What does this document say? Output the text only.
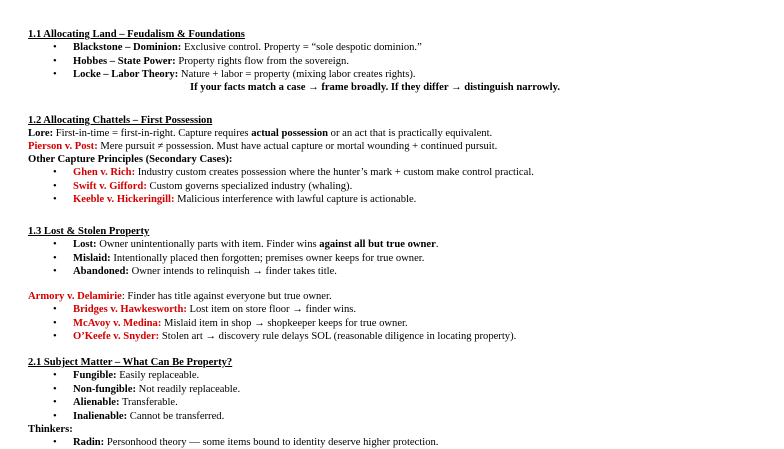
1.1 Allocating Land – Feudalism & Foundations
• Blackstone – Dominion: Exclusive control. Property = “sole despotic dominion.”
• Hobbes – State Power: Property rights flow from the sovereign.
• Locke – Labor Theory: Nature + labor = property (mixing labor creates rights).
If your facts match a case → frame broadly. If they differ → distinguish narrowly.
1.2 Allocating Chattels – First Possession
Lore: First-in-time = first-in-right. Capture requires actual possession or an act that is practically equivalent.
Pierson v. Post: Mere pursuit ≠ possession. Must have actual capture or mortal wounding + continued pursuit.
Other Capture Principles (Secondary Cases):
• Ghen v. Rich: Industry custom creates possession where the hunter’s mark + custom make control practical.
• Swift v. Gifford: Custom governs specialized industry (whaling).
• Keeble v. Hickeringill: Malicious interference with lawful capture is actionable.
1.3 Lost & Stolen Property
• Lost: Owner unintentionally parts with item. Finder wins against all but true owner.
• Mislaid: Intentionally placed then forgotten; premises owner keeps for true owner.
• Abandoned: Owner intends to relinquish → finder takes title.
Armory v. Delamirie: Finder has title against everyone but true owner.
• Bridges v. Hawkesworth: Lost item on store floor → finder wins.
• McAvoy v. Medina: Mislaid item in shop → shopkeeper keeps for true owner.
• O’Keefe v. Snyder: Stolen art → discovery rule delays SOL (reasonable diligence in locating property).
2.1 Subject Matter – What Can Be Property?
• Fungible: Easily replaceable.
• Non-fungible: Not readily replaceable.
• Alienable: Transferable.
• Inalienable: Cannot be transferred.
Thinkers:
• Radin: Personhood theory — some items bound to identity deserve higher protection.
